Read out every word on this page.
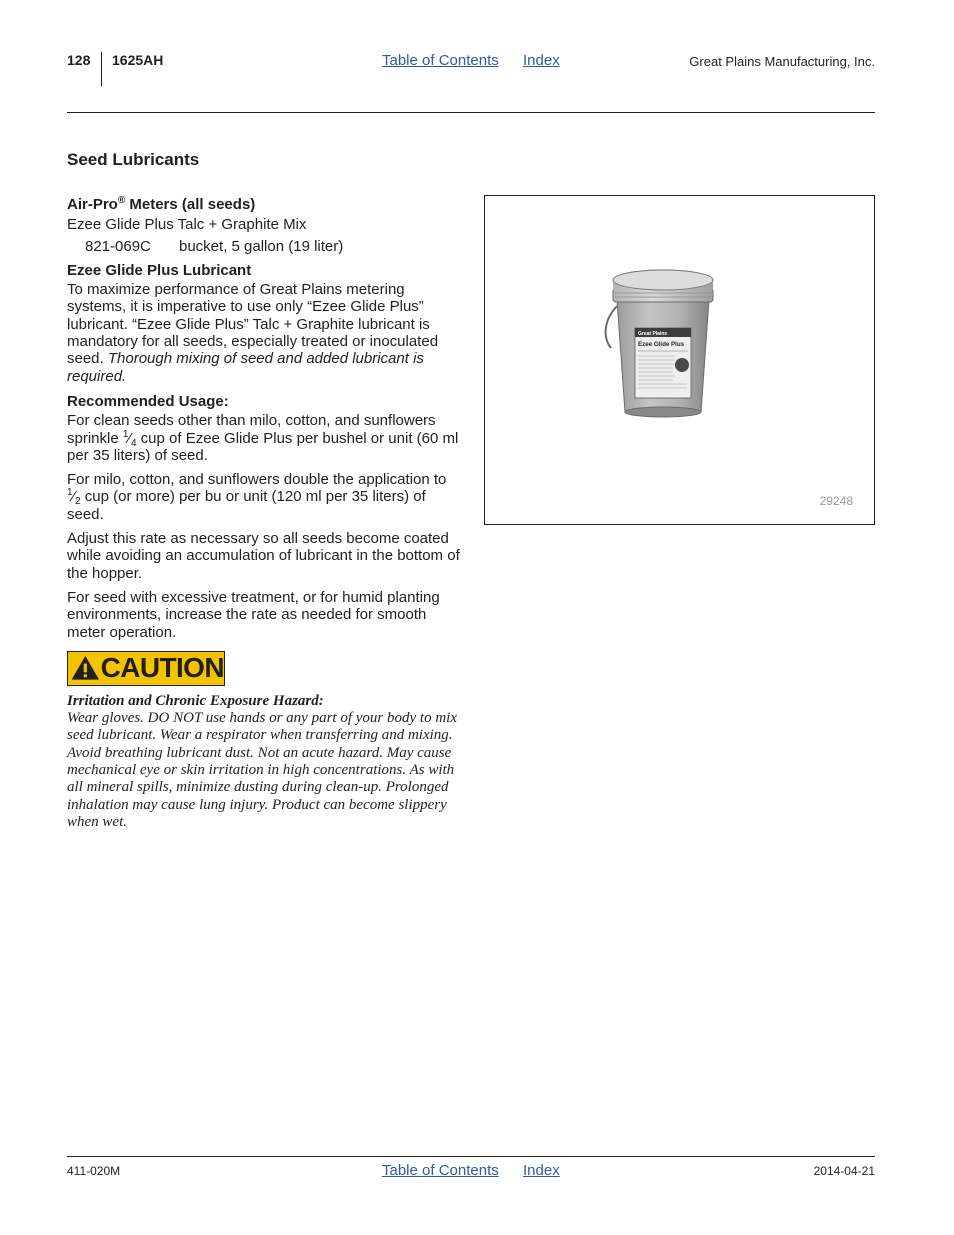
128 1625AH	Table of Contents Index	Great Plains Manufacturing, Inc.
Seed Lubricants
Air-Pro® Meters (all seeds)
Ezee Glide Plus Talc + Graphite Mix
821-069C	bucket, 5 gallon (19 liter)
Ezee Glide Plus Lubricant

To maximize performance of Great Plains metering systems, it is imperative to use only “Ezee Glide Plus” lubricant. “Ezee Glide Plus” Talc + Graphite lubricant is mandatory for all seeds, especially treated or inoculated seed. Thorough mixing of seed and added lubricant is required.

Recommended Usage:

For clean seeds other than milo, cotton, and sunflowers sprinkle $^1⁄_4$ cup of Ezee Glide Plus per bushel or unit (60 ml per 35 liters) of seed.

For milo, cotton, and sunflowers double the application to $^1⁄_2$ cup (or more) per bu or unit (120 ml per 35 liters) of seed.

Adjust this rate as necessary so all seeds become coated while avoiding an accumulation of lubricant in the bottom of the hopper.

For seed with excessive treatment, or for humid planting environments, increase the rate as needed for smooth meter operation.

CAUTION
Irritation and Chronic Exposure Hazard:
Wear gloves. DO NOT use hands or any part of your body to mix seed lubricant. Wear a respirator when transferring and mixing. Avoid breathing lubricant dust. Not an acute hazard. May cause mechanical eye or skin irritation in high concentrations. As with all mineral spills, minimize dusting during clean-up. Prolonged inhalation may cause lung injury. Product can become slippery when wet.
Great Plains
Ezee Glide Plus
29248
411-020M	Table of Contents Index	2014-04-21
